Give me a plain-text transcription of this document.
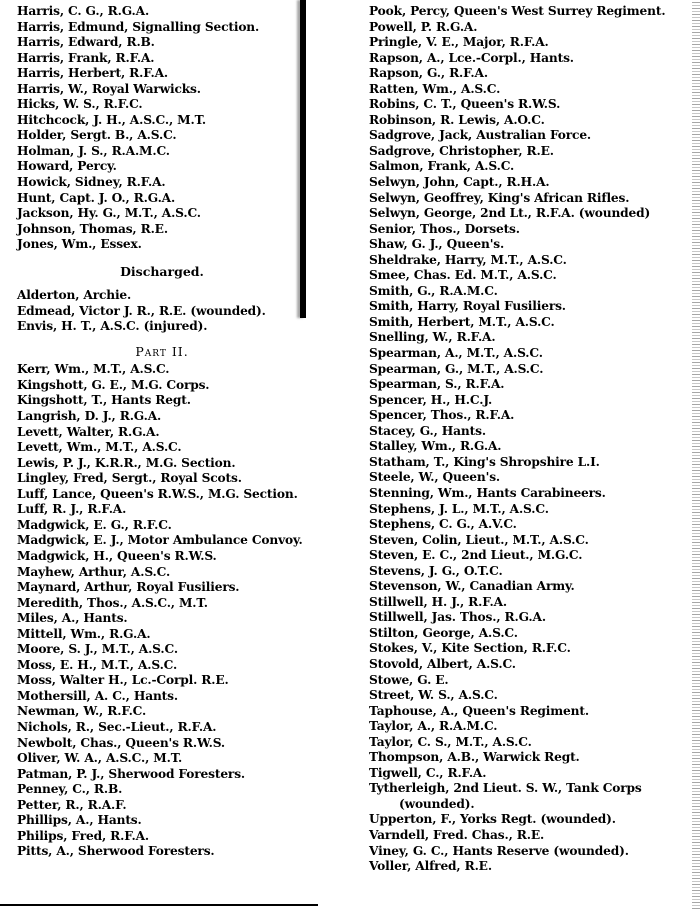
Harris, C. G., R.G.A.
Harris, Edmund, Signalling Section.
Harris, Edward, R.B.
Harris, Frank, R.F.A.
Harris, Herbert, R.F.A.
Harris, W., Royal Warwicks.
Hicks, W. S., R.F.C.
Hitchcock, J. H., A.S.C., M.T.
Holder, Sergt. B., A.S.C.
Holman, J. S., R.A.M.C.
Howard, Percy.
Howick, Sidney, R.F.A.
Hunt, Capt. J. O., R.G.A.
Jackson, Hy. G., M.T., A.S.C.
Johnson, Thomas, R.E.
Jones, Wm., Essex.
Discharged.
Alderton, Archie.
Edmead, Victor J. R., R.E. (wounded).
Envis, H. T., A.S.C. (injured).
Part II.
Kerr, Wm., M.T., A.S.C.
Kingshott, G. E., M.G. Corps.
Kingshott, T., Hants Regt.
Langrish, D. J., R.G.A.
Levett, Walter, R.G.A.
Levett, Wm., M.T., A.S.C.
Lewis, P. J., K.R.R., M.G. Section.
Lingley, Fred, Sergt., Royal Scots.
Luff, Lance, Queen's R.W.S., M.G. Section.
Luff, R. J., R.F.A.
Madgwick, E. G., R.F.C.
Madgwick, E. J., Motor Ambulance Convoy.
Madgwick, H., Queen's R.W.S.
Mayhew, Arthur, A.S.C.
Maynard, Arthur, Royal Fusiliers.
Meredith, Thos., A.S.C., M.T.
Miles, A., Hants.
Mittell, Wm., R.G.A.
Moore, S. J., M.T., A.S.C.
Moss, E. H., M.T., A.S.C.
Moss, Walter H., Lc.-Corpl. R.E.
Mothersill, A. C., Hants.
Newman, W., R.F.C.
Nichols, R., Sec.-Lieut., R.F.A.
Newbolt, Chas., Queen's R.W.S.
Oliver, W. A., A.S.C., M.T.
Patman, P. J., Sherwood Foresters.
Penney, C., R.B.
Petter, R., R.A.F.
Phillips, A., Hants.
Philips, Fred, R.F.A.
Pitts, A., Sherwood Foresters.
Pook, Percy, Queen's West Surrey Regiment.
Powell, P. R.G.A.
Pringle, V. E., Major, R.F.A.
Rapson, A., Lce.-Corpl., Hants.
Rapson, G., R.F.A.
Ratten, Wm., A.S.C.
Robins, C. T., Queen's R.W.S.
Robinson, R. Lewis, A.O.C.
Sadgrove, Jack, Australian Force.
Sadgrove, Christopher, R.E.
Salmon, Frank, A.S.C.
Selwyn, John, Capt., R.H.A.
Selwyn, Geoffrey, King's African Rifles.
Selwyn, George, 2nd Lt., R.F.A. (wounded)
Senior, Thos., Dorsets.
Shaw, G. J., Queen's.
Sheldrake, Harry, M.T., A.S.C.
Smee, Chas. Ed. M.T., A.S.C.
Smith, G., R.A.M.C.
Smith, Harry, Royal Fusiliers.
Smith, Herbert, M.T., A.S.C.
Snelling, W., R.F.A.
Spearman, A., M.T., A.S.C.
Spearman, G., M.T., A.S.C.
Spearman, S., R.F.A.
Spencer, H., H.C.J.
Spencer, Thos., R.F.A.
Stacey, G., Hants.
Stalley, Wm., R.G.A.
Statham, T., King's Shropshire L.I.
Steele, W., Queen's.
Stenning, Wm., Hants Carabineers.
Stephens, J. L., M.T., A.S.C.
Stephens, C. G., A.V.C.
Steven, Colin, Lieut., M.T., A.S.C.
Steven, E. C., 2nd Lieut., M.G.C.
Stevens, J. G., O.T.C.
Stevenson, W., Canadian Army.
Stillwell, H. J., R.F.A.
Stillwell, Jas. Thos., R.G.A.
Stilton, George, A.S.C.
Stokes, V., Kite Section, R.F.C.
Stovold, Albert, A.S.C.
Stowe, G. E.
Street, W. S., A.S.C.
Taphouse, A., Queen's Regiment.
Taylor, A., R.A.M.C.
Taylor, C. S., M.T., A.S.C.
Thompson, A.B., Warwick Regt.
Tigwell, C., R.F.A.
Tytherleigh, 2nd Lieut. S. W., Tank Corps
(wounded).
Upperton, F., Yorks Regt. (wounded).
Varndell, Fred. Chas., R.E.
Viney, G. C., Hants Reserve (wounded).
Voller, Alfred, R.E.
